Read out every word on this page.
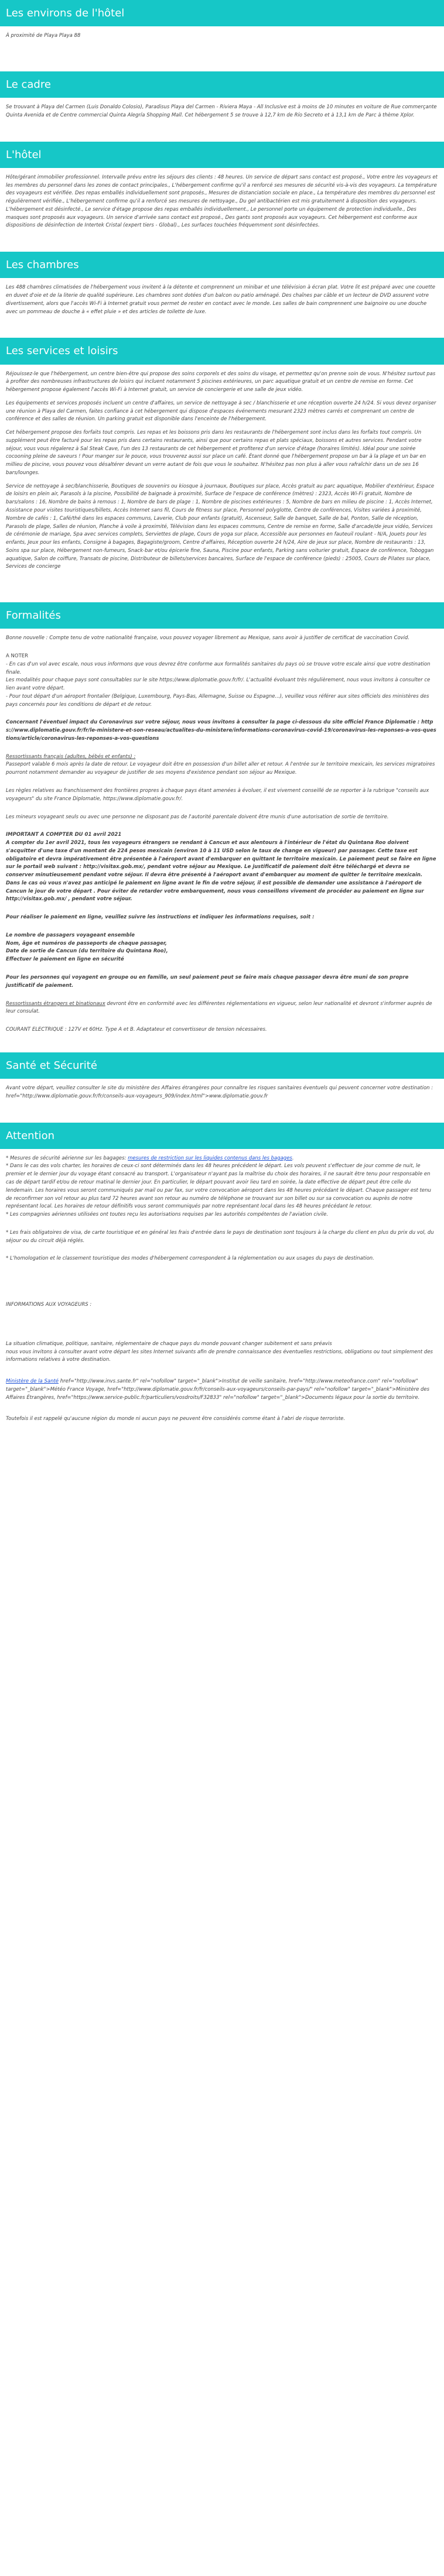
Les environs de l'hôtel

À proximité de Playa Playa 88

Le cadre

Se trouvant à Playa del Carmen (Luis Donaldo Colosio), Paradisus Playa del Carmen - Riviera Maya - All Inclusive est à moins de 10 minutes en voiture de Rue commerçante Quinta Avenida et de Centre commercial Quinta Alegría Shopping Mall. Cet hébergement 5 se trouve à 12,7 km de Río Secreto et à 13,1 km de Parc à thème Xplor.

L'hôtel

Hôte/gérant immobilier professionnel. Intervalle prévu entre les séjours des clients : 48 heures. Un service de départ sans contact est proposé., Votre entre les voyageurs et les membres du personnel dans les zones de contact principales., L'hébergement confirme qu'il a renforcé ses mesures de sécurité vis-à-vis des voyageurs. La température des voyageurs est vérifiée. Des repas emballés individuellement sont proposés., Mesures de distanciation sociale en place., La température des membres du personnel est régulièrement vérifiée., L'hébergement confirme qu'il a renforcé ses mesures de nettoyage., Du gel antibactérien est mis gratuitement à disposition des voyageurs. L'hébergement est désinfecté., Le service d'étage propose des repas emballés individuellement., Le personnel porte un équipement de protection individuelle., Des masques sont proposés aux voyageurs. Un service d'arrivée sans contact est proposé., Des gants sont proposés aux voyageurs. Cet hébergement est conforme aux dispositions de désinfection de Intertek Cristal (expert tiers - Global)., Les surfaces touchées fréquemment sont désinfectées.

Les chambres

Les 488 chambres climatisées de l'hébergement vous invitent à la détente et comprennent un minibar et une télévision à écran plat. Votre lit est préparé avec une couette en duvet d'oie et de la literie de qualité supérieure. Les chambres sont dotées d'un balcon ou patio aménagé. Des chaînes par câble et un lecteur de DVD assurent votre divertissement, alors que l'accès Wi-Fi à Internet gratuit vous permet de rester en contact avec le monde. Les salles de bain comprennent une baignoire ou une douche avec un pommeau de douche à « effet pluie » et des articles de toilette de luxe.

Les services et loisirs

Réjouissez-le que l'hébergement, un centre bien-être qui propose des soins corporels et des soins du visage, et permettez qu'on prenne soin de vous. N'hésitez surtout pas à profiter des nombreuses infrastructures de loisirs qui incluent notamment 5 piscines extérieures, un parc aquatique gratuit et un centre de remise en forme. Cet hébergement propose également l'accès Wi-Fi à Internet gratuit, un service de conciergerie et une salle de jeux vidéo.

Les équipements et services proposés incluent un centre d'affaires, un service de nettoyage à sec / blanchisserie et une réception ouverte 24 h/24. Si vous devez organiser une réunion à Playa del Carmen, faites confiance à cet hébergement qui dispose d'espaces événements mesurant 2323 mètres carrés et comprenant un centre de conférence et des salles de réunion. Un parking gratuit est disponible dans l'enceinte de l'hébergement.

Cet hébergement propose des forfaits tout compris. Les repas et les boissons pris dans les restaurants de l'hébergement sont inclus dans les forfaits tout compris. Un supplément peut être facturé pour les repas pris dans certains restaurants, ainsi que pour certains repas et plats spéciaux, boissons et autres services. Pendant votre séjour, vous vous régalerez à Sal Steak Cave, l'un des 13 restaurants de cet hébergement et profiterez d'un service d'étage (horaires limités). Idéal pour une soirée cocooning pleine de saveurs ! Pour manger sur le pouce, vous trouverez aussi sur place un café. Étant donné que l'hébergement propose un bar à la plage et un bar en millieu de piscine, vous pouvez vous désaltérer devant un verre autant de fois que vous le souhaitez. N'hésitez pas non plus à aller vous rafraîchir dans un de ses 16 bars/lounges.

Service de nettoyage à sec/blanchisserie, Boutiques de souvenirs ou kiosque à journaux, Boutiques sur place, Accès gratuit au parc aquatique, Mobilier d'extérieur, Espace de loisirs en plein air, Parasols à la piscine, Possibilité de baignade à proximité, Surface de l'espace de conférence (mètres) : 2323, Accès Wi-Fi gratuit, Nombre de bars/salons : 16, Nombre de bains à remous : 1, Nombre de bars de plage : 1, Nombre de piscines extérieures : 5, Nombre de bars en milieu de piscine : 1, Accès Internet, Assistance pour visites touristiques/billets, Accès Internet sans fil, Cours de fitness sur place, Personnel polyglotte, Centre de conférences, Visites variées à proximité, Nombre de cafés : 1, Café/thé dans les espaces communs, Laverie, Club pour enfants (gratuit), Ascenseur, Salle de banquet, Salle de bal, Ponton, Salle de réception, Parasols de plage, Salles de réunion, Planche à voile à proximité, Télévision dans les espaces communs, Centre de remise en forme, Salle d'arcade/de jeux vidéo, Services de cérémonie de mariage, Spa avec services complets, Serviettes de plage, Cours de yoga sur place, Accessible aux personnes en fauteuil roulant - N/A, Jouets pour les enfants, Jeux pour les enfants, Consigne à bagages, Bagagiste/groom, Centre d'affaires, Réception ouverte 24 h/24, Aire de jeux sur place, Nombre de restaurants : 13, Soins spa sur place, Hébergement non-fumeurs, Snack-bar et/ou épicerie fine, Sauna, Piscine pour enfants, Parking sans voiturier gratuit, Espace de conférence, Toboggan aquatique, Salon de coiffure, Transats de piscine, Distributeur de billets/services bancaires, Surface de l'espace de conférence (pieds) : 25005, Cours de Pilates sur place, Services de concierge

Formalités

Bonne nouvelle : Compte tenu de votre nationalité française, vous pouvez voyager librement au Mexique, sans avoir à justifier de certificat de vaccination Covid.

A NOTER

- En cas d'un vol avec escale, nous vous informons que vous devrez être conforme aux formalités sanitaires du pays où se trouve votre escale ainsi que votre destination finale.

Les modalités pour chaque pays sont consultables sur le site https://www.diplomatie.gouv.fr/fr/. L'actualité évoluant très régulièrement, nous vous invitons à consulter ce lien avant votre départ.

- Pour tout départ d'un aéroport frontalier (Belgique, Luxembourg, Pays-Bas, Allemagne, Suisse ou Espagne...), veuillez vous référer aux sites officiels des ministères des pays concernés pour les conditions de départ et de retour.

Concernant l'éventuel impact du Coronavirus sur votre séjour, nous vous invitons à consulter la page ci-dessous du site officiel France Diplomatie : https://www.diplomatie.gouv.fr/fr/le-ministere-et-son-reseau/actualites-du-ministere/informations-coronavirus-covid-19/coronavirus-les-reponses-a-vos-questions/article/coronavirus-les-reponses-a-vos-questions

Ressortissants français (adultes, bébés et enfants) :

Passeport valable 6 mois après la date de retour. Le voyageur doit être en possession d'un billet aller et retour. A l'entrée sur le territoire mexicain, les services migratoires pourront notamment demander au voyageur de justifier de ses moyens d'existence pendant son séjour au Mexique.

Les règles relatives au franchissement des frontières propres à chaque pays étant amenées à évoluer, il est vivement conseillé de se reporter à la rubrique "conseils aux voyageurs" du site France Diplomatie, https://www.diplomatie.gouv.fr/.

Les mineurs voyageant seuls ou avec une personne ne disposant pas de l'autorité parentale doivent être munis d'une autorisation de sortie de territoire.

IMPORTANT A COMPTER DU 01 avril 2021
A compter du 1er avril 2021, tous les voyageurs étrangers se rendant à Cancun et aux alentours à l'intérieur de l'état du Quintana Roo doivent s'acquitter d'une taxe d'un montant de 224 pesos mexicain (environ 10 à 11 USD selon le taux de change en vigueur) par passager. Cette taxe est obligatoire et devra impérativement être présentée à l'aéroport avant d'embarquer en quittant le territoire mexicain. Le paiement peut se faire en ligne sur le portail web suivant : http://visitax.gob.mx/, pendant votre séjour au Mexique. Le justificatif de paiement doit être téléchargé et devra se conserver minutieusement pendant votre séjour. Il devra être présenté à l'aéroport avant d'embarquer au moment de quitter le territoire mexicain. Dans le cas où vous n'avez pas anticipé le paiement en ligne avant le fin de votre séjour, il est possible de demander une assistance à l'aéroport de Cancun le jour de votre départ . Pour éviter de retarder votre embarquement, nous vous conseillons vivement de procéder au paiement en ligne sur http://visitax.gob.mx/ , pendant votre séjour.

Pour réaliser le paiement en ligne, veuillez suivre les instructions et indiquer les informations requises, soit :

Le nombre de passagers voyageant ensemble
Nom, âge et numéros de passeports de chaque passager,
Date de sortie de Cancun (du territoire du Quintana Roo),
Effectuer le paiement en ligne en sécurité

Pour les personnes qui voyagent en groupe ou en famille, un seul paiement peut se faire mais chaque passager devra être muni de son propre justificatif de paiement.

Ressortissants étrangers et binationaux devront être en conformité avec les différentes réglementations en vigueur, selon leur nationalité et devront s'informer auprès de leur consulat.

COURANT ELECTRIQUE : 127V et 60Hz. Type A et B. Adaptateur et convertisseur de tension nécessaires.

Santé et Sécurité

Avant votre départ, veuillez consulter le site du ministère des Affaires étrangères pour connaître les risques sanitaires éventuels qui peuvent concerner votre destination : href="http://www.diplomatie.gouv.fr/fr/conseils-aux-voyageurs_909/index.html">www.diplomatie.gouv.fr

Attention

* Mesures de sécurité aérienne sur les bagages: mesures de restriction sur les liquides contenus dans les bagages.

* Dans le cas des vols charter, les horaires de ceux-ci sont déterminés dans les 48 heures précédent le départ. Les vols peuvent s'effectuer de jour comme de nuit, le premier et le dernier jour du voyage étant consacré au transport. L'organisateur n'ayant pas la maîtrise du choix des horaires, il ne saurait être tenu pour responsable en cas de départ tardif et/ou de retour matinal le dernier jour. En particulier, le départ pouvant avoir lieu tard en soirée, la date effective de départ peut être celle du lendemain. Les horaires vous seront communiqués par mail ou par fax, sur votre convocation aéroport dans les 48 heures précédant le départ. Chaque passager est tenu de reconfirmer son vol retour au plus tard 72 heures avant son retour au numéro de téléphone se trouvant sur son billet ou sur sa convocation ou auprès de notre représentant local. Les horaires de retour définitifs vous seront communiqués par notre représentant local dans les 48 heures précédant le retour.
* Les compagnies aériennes utilisées ont toutes reçu les autorisations requises par les autorités compétentes de l'aviation civile.

* Les frais obligatoires de visa, de carte touristique et en général les frais d'entrée dans le pays de destination sont toujours à la charge du client en plus du prix du vol, du séjour ou du circuit déjà réglés.

* L'homologation et le classement touristique des modes d'hébergement correspondent à la réglementation ou aux usages du pays de destination.

INFORMATIONS AUX VOYAGEURS :

La situation climatique, politique, sanitaire, réglementaire de chaque pays du monde pouvant changer subitement et sans préavis
nous vous invitons à consulter avant votre départ les sites Internet suivants afin de prendre connaissance des éventuelles restrictions, obligations ou tout simplement des informations relatives à votre destination.

Ministère de la Santé href="http://www.invs.sante.fr" rel="nofollow" target="_blank">Institut de veille sanitaire, href="http://www.meteofrance.com" rel="nofollow" target="_blank">Météo France Voyage, href="http://www.diplomatie.gouv.fr/fr/conseils-aux-voyageurs/conseils-par-pays/" rel="nofollow" target="_blank">Ministère des Affaires Étrangères, href="https://www.service-public.fr/particuliers/vosdroits/F32833" rel="nofollow" target="_blank">Documents légaux pour la sortie du territoire.

Toutefois il est rappelé qu'aucune région du monde ni aucun pays ne peuvent être considérés comme étant à l'abri de risque terroriste.
